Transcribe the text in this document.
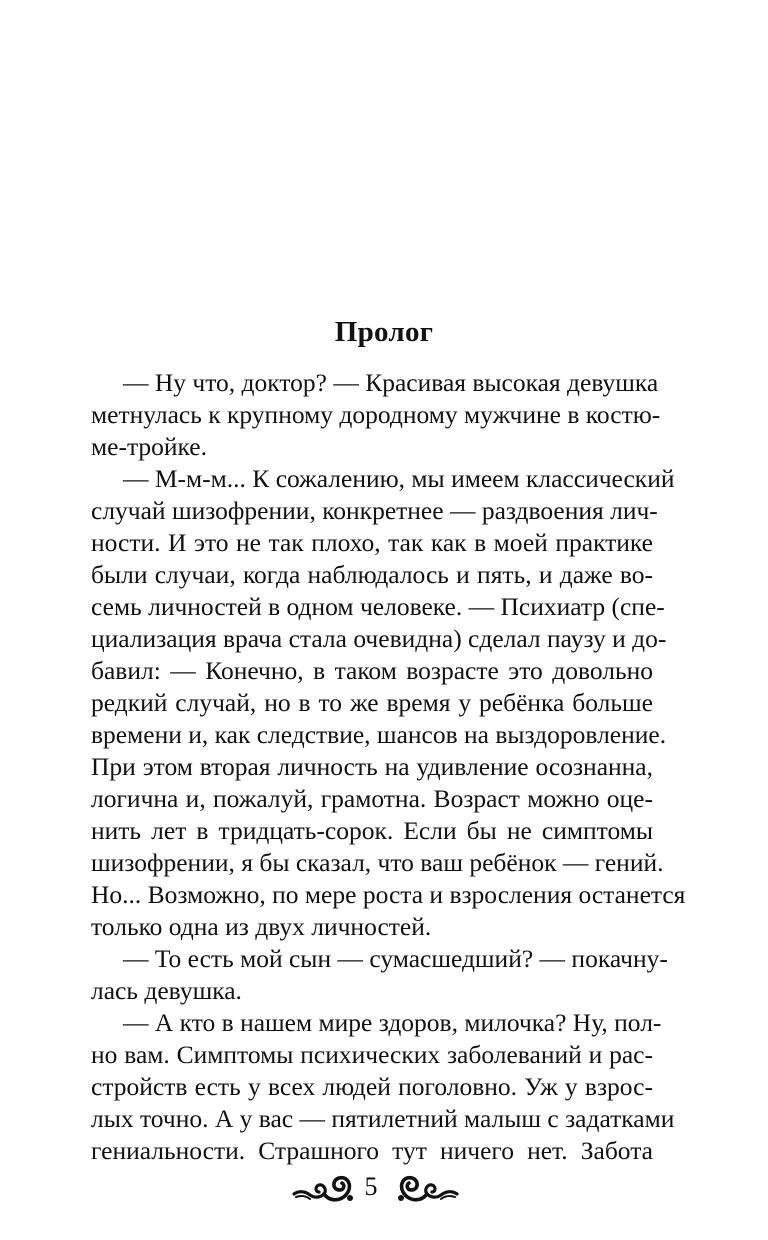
Пролог
— Ну что, доктор? — Красивая высокая девушка
метнулась к крупному дородному мужчине в костю-
ме-тройке.
— М-м-м... К сожалению, мы имеем классический
случай шизофрении, конкретнее — раздвоения лич-
ности. И это не так плохо, так как в моей практике
были случаи, когда наблюдалось и пять, и даже во-
семь личностей в одном человеке. — Психиатр (спе-
циализация врача стала очевидна) сделал паузу и до-
бавил: — Конечно, в таком возрасте это довольно
редкий случай, но в то же время у ребёнка больше
времени и, как следствие, шансов на выздоровление.
При этом вторая личность на удивление осознанна,
логична и, пожалуй, грамотна. Возраст можно оце-
нить лет в тридцать-сорок. Если бы не симптомы
шизофрении, я бы сказал, что ваш ребёнок — гений.
Но... Возможно, по мере роста и взросления останется
только одна из двух личностей.
— То есть мой сын — сумасшедший? — покачну-
лась девушка.
— А кто в нашем мире здоров, милочка? Ну, пол-
но вам. Симптомы психических заболеваний и рас-
стройств есть у всех людей поголовно. Уж у взрос-
лых точно. А у вас — пятилетний малыш с задатками
гениальности. Страшного тут ничего нет. Забота
5
